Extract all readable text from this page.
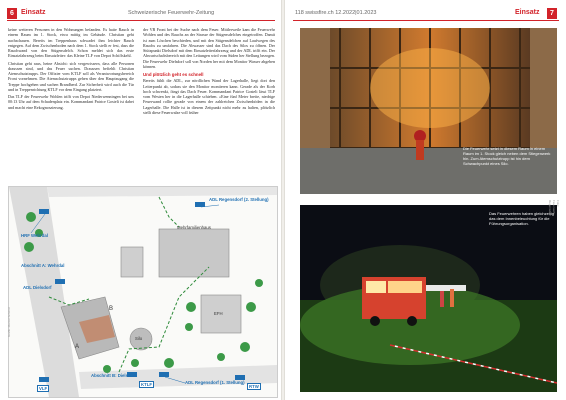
6	Einsatz	Schweizerische Feuerwehr-Zeitung

keine weiteren Personen in den Wohnungen befanden. Es hatte Rauch in einem Raum im 1. Stock, etwa mittig im Gebäude. Christian geht nachschauen. Bereits im Treppenhaus schwadet ihm leichter Rauch entgegen. Auf dem Zwischenboden nach dem 1. Stock stellt er fest, dass die Rauchwand von den Stügensdelch. Schon meldet sich das erste Einsatzfahrzeug beim Einsatzleiter: das Kleine TLF von Depot Schiffskehl.

Christian geht raus, heine Absicht: sich vergewissern, dass alle Personen draussen sind, und das Feuer suchen. Draussen befiehlt Christian Atemschutztrupps. Der Offizier vom KTLF soll als Verantwortungsbereich Front vornehmen. Die Atemschutztrupps gehen über den Hauptzugang die Treppe hochgehen und suchen Brandherd. Zur Sicherheit wird auch die Tür und in Treppenrichtung KTLF vor dem Eingang platziert.

Das TLF der Feuerwehr Wohlen trifft von Depot Niederwenningen bei uns 00:13 Uhr auf dem Schadenplatz ein. Kommandant Patrice Gosteli ist dabei und macht eine Rekognoszierung.

der VB Front bei der Suche nach dem Feuer. Mittlerweile kam die Feuerwehr Wohlen und des Rauchs an der Strasse der Stügensdelches eingetroffen. Damit ist zum Löschen beschieden, und mit den Stügensdelchen auf Laufwegen des Rauchs zu umfahren. Die Abwasser sind das Dach des Silos zu öffnen. Der Stützpunkt Dielsdorf mit dem Einsatzleiterfahrzeug und der ADL trifft ein. Der Abwartschaftsbereich mit den Leitungen wird vom Süden her Stellung bezogen. Die Feuerwehr Dielsdorf soll von Norden her mit dem Monitor Wasser abgeben können.

Und plötzlich geht es schnell

Bereits fühlt die ADL, zur nördlichen Wand der Lagerhalle, liegt dort den Leiterpunkt ab, sodass sie den Monitor montieren kann. Gerade als der Korb hoch schwenkt, fängt das Dach Feuer. Kommandant Patrice Gosteli lässt TLF vom Westen her in die Lagerhalle schieben. «Eine fünf Meter breite, niedrige Feuerwand rollte gerade von einem der zahlreichen Zwischenböden in die Lagerhalle. Die Halle ist in diesem Zeitpunkt nicht mehr zu halten, plötzlich stellt diese Feuerwalze voll früher

HRF Wehrdal
Abschnitt A: Wehrdal
ADL Dielsdorf
ADL Regensdorf (2. Stellung)
ADL Regensdorf (1. Stellung)
Abschnitt B: Dielsdorf
Mehrfamilienhaus
KTLF
VLF	RTW
A
B
Silo
EFH
Grafik: Marcel Schmid
118 swissfire.ch 12.2022|01.2023	Einsatz	7
Die Feuerwehr setzt in diesem Raum in einem Raum im 1. Stock gleich neben dem Stiegenwerk hin. Zum Atemschutztrupp ist hin dem Schwachpunkt eines Silo.
Das Feuerwehren haben gleichzeitig das dem Innenbeleuchtung für die Führungsorganisation.
Foto: Feuerwehr Regensdorf
